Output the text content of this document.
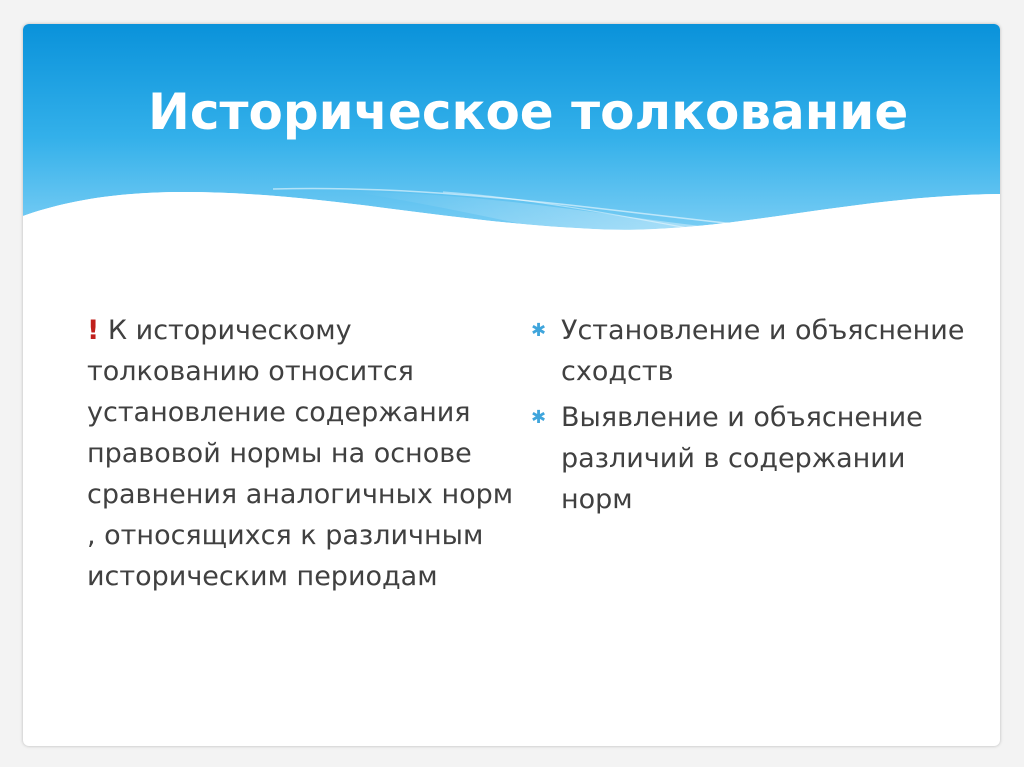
Историческое толкование
! К историческому толкованию относится установление содержания правовой нормы на основе сравнения аналогичных норм , относящихся к различным историческим периодам
✱ Установление и объяснение сходств
✱ Выявление и объяснение различий в содержании норм
